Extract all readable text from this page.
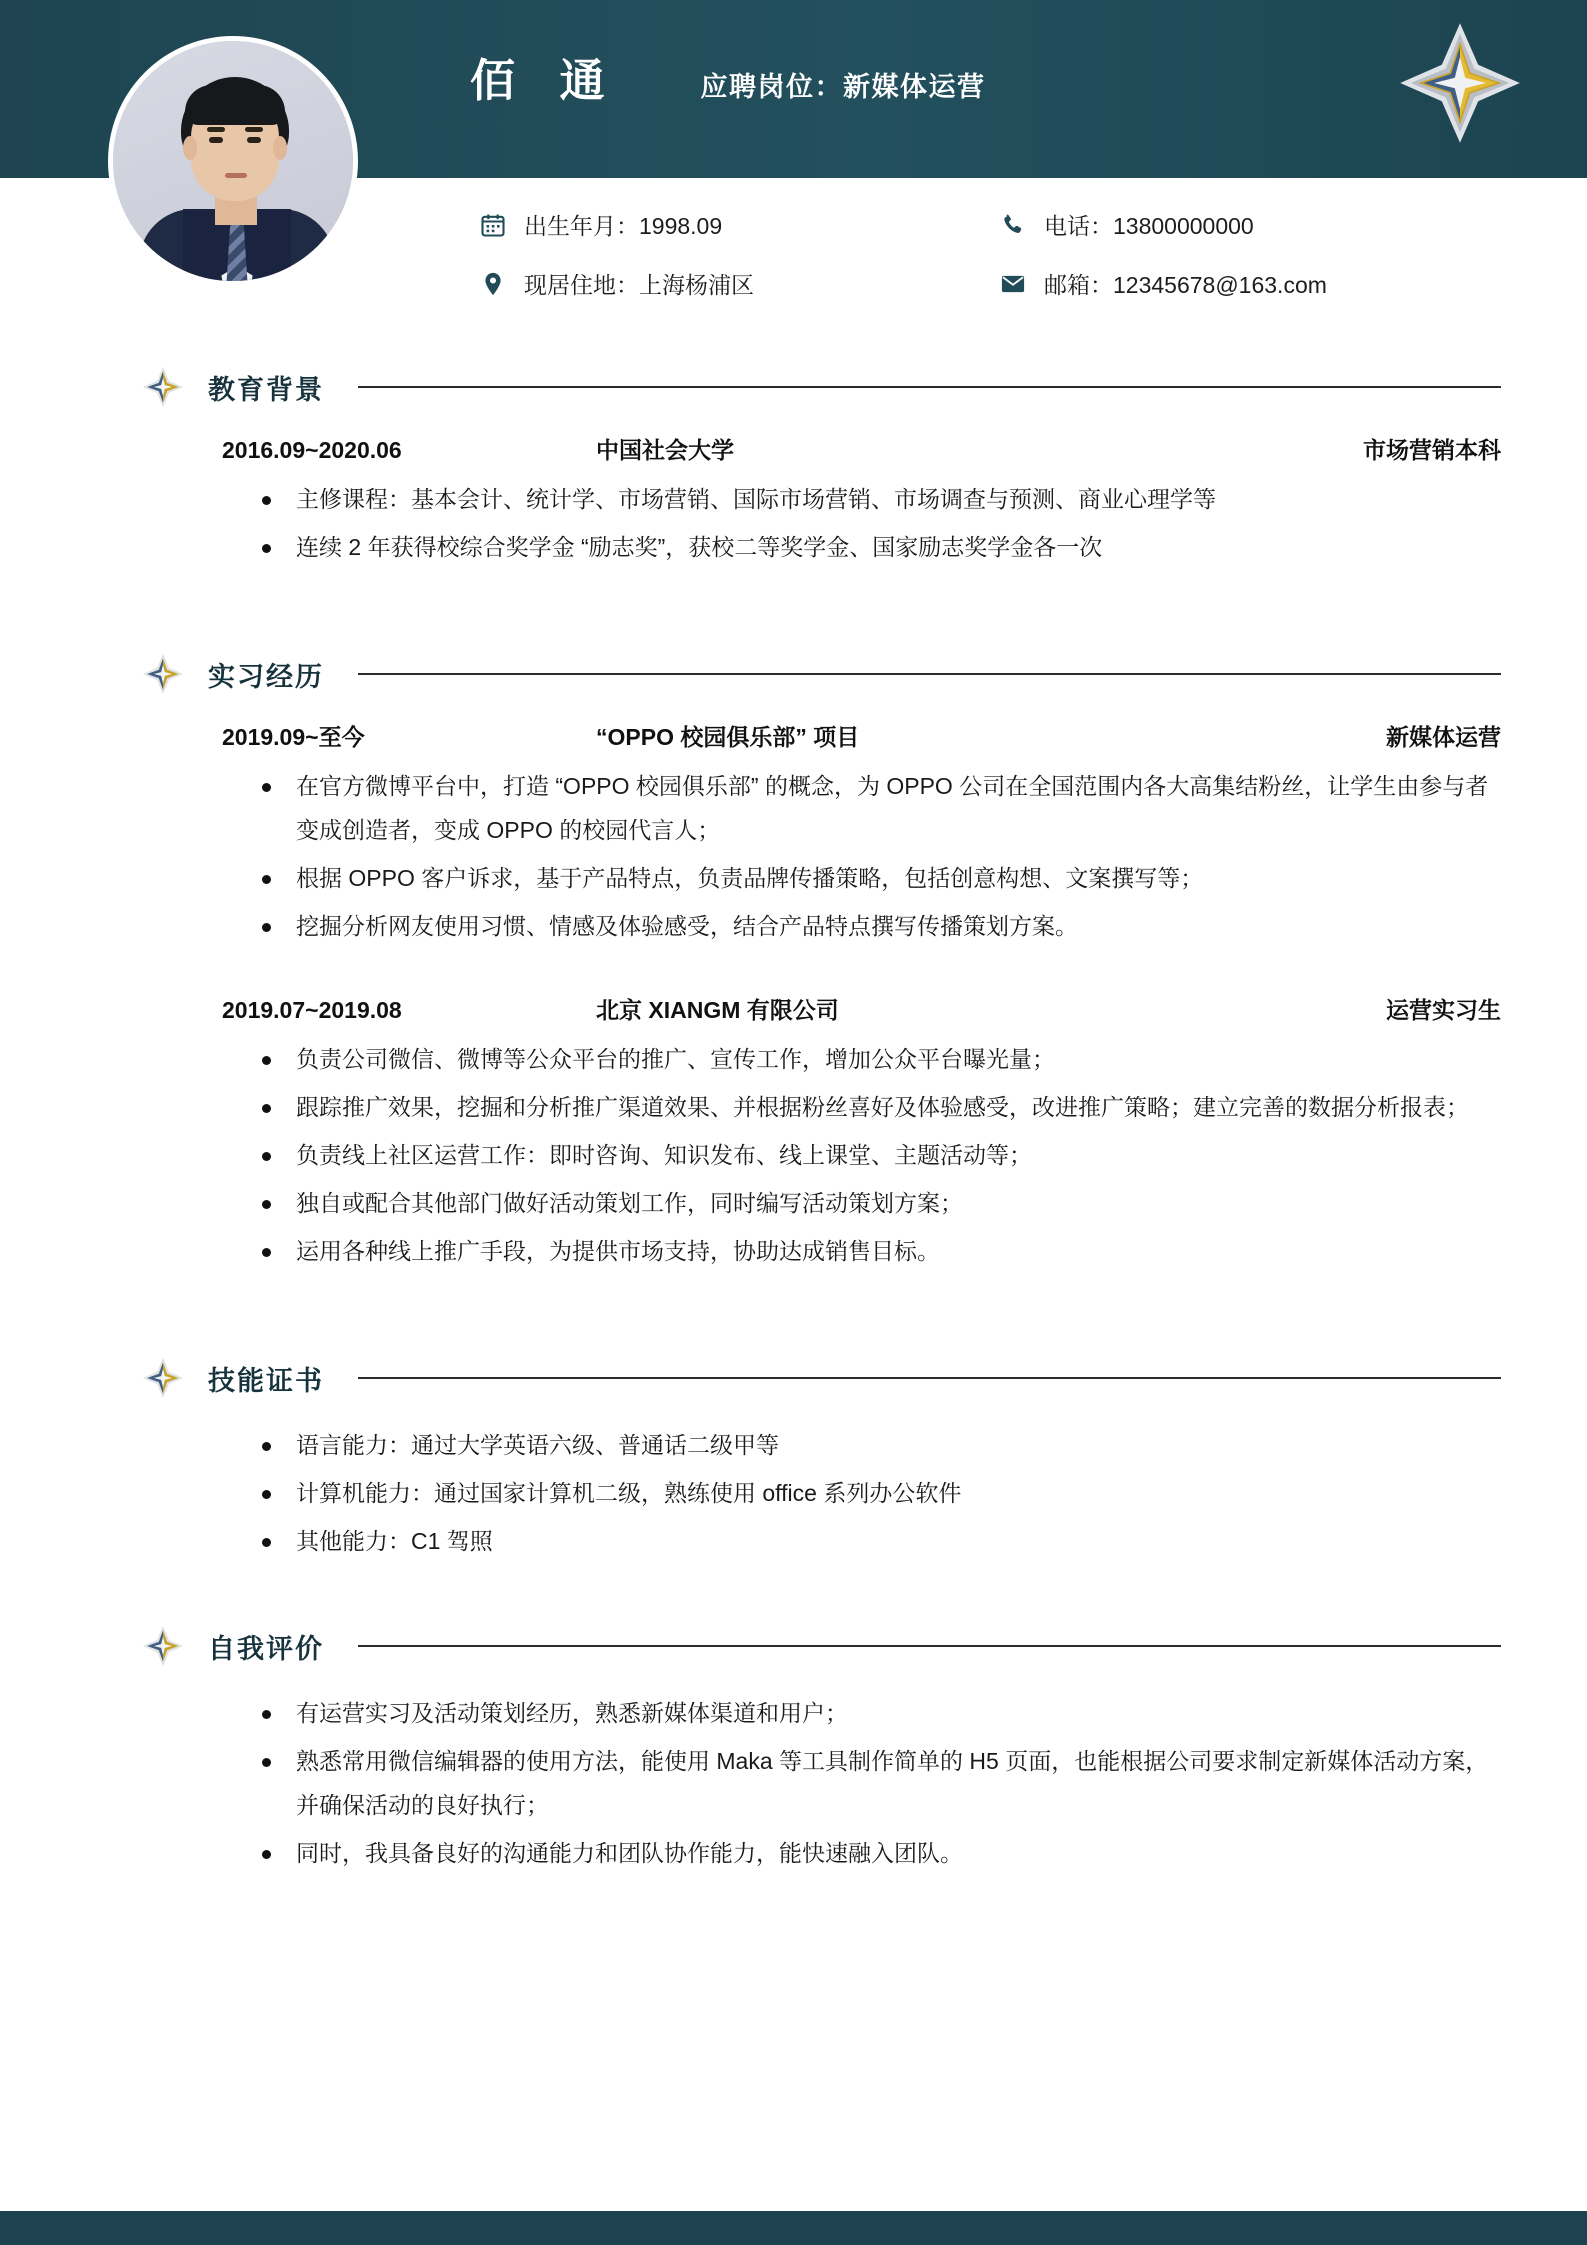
佰 通	应聘岗位：新媒体运营
出生年月：1998.09	电话：13800000000
现居住地：上海杨浦区	邮箱：12345678@163.com
教育背景
2016.09~2020.06	中国社会大学	市场营销本科
主修课程：基本会计、统计学、市场营销、国际市场营销、市场调查与预测、商业心理学等
连续 2 年获得校综合奖学金 “励志奖”，获校二等奖学金、国家励志奖学金各一次
实习经历
2019.09~至今	“OPPO 校园俱乐部” 项目	新媒体运营
在官方微博平台中，打造 “OPPO 校园俱乐部” 的概念，为 OPPO 公司在全国范围内各大高集结粉丝，让学生由参与者变成创造者，变成 OPPO 的校园代言人；
根据 OPPO 客户诉求，基于产品特点，负责品牌传播策略，包括创意构想、文案撰写等；
挖掘分析网友使用习惯、情感及体验感受，结合产品特点撰写传播策划方案。
2019.07~2019.08	北京 XIANGM 有限公司	运营实习生
负责公司微信、微博等公众平台的推广、宣传工作，增加公众平台曝光量；
跟踪推广效果，挖掘和分析推广渠道效果、并根据粉丝喜好及体验感受，改进推广策略；建立完善的数据分析报表；
负责线上社区运营工作：即时咨询、知识发布、线上课堂、主题活动等；
独自或配合其他部门做好活动策划工作，同时编写活动策划方案；
运用各种线上推广手段，为提供市场支持，协助达成销售目标。
技能证书
语言能力：通过大学英语六级、普通话二级甲等
计算机能力：通过国家计算机二级，熟练使用 office 系列办公软件
其他能力：C1 驾照
自我评价
有运营实习及活动策划经历，熟悉新媒体渠道和用户；
熟悉常用微信编辑器的使用方法，能使用 Maka 等工具制作简单的 H5 页面，也能根据公司要求制定新媒体活动方案，并确保活动的良好执行；
同时，我具备良好的沟通能力和团队协作能力，能快速融入团队。
